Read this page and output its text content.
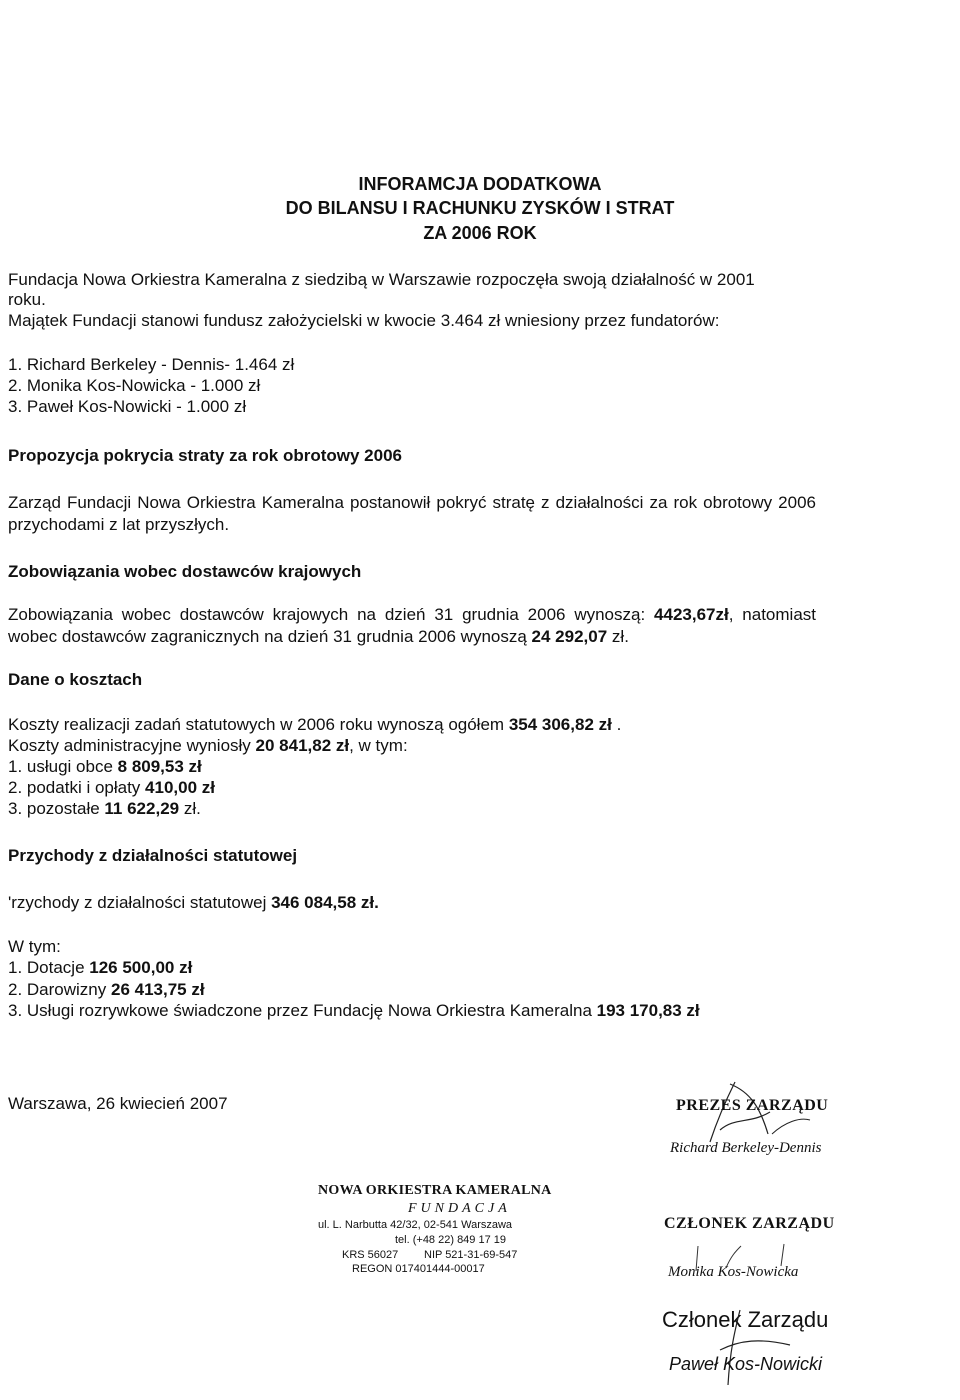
INFORAMCJA DODATKOWA
DO BILANSU I RACHUNKU ZYSKÓW I STRAT
ZA 2006 ROK
Fundacja Nowa Orkiestra Kameralna z siedzibą w Warszawie rozpoczęła swoją działalność w 2001
roku.
Majątek Fundacji stanowi fundusz założycielski w kwocie 3.464 zł wniesiony przez fundatorów:
1. Richard Berkeley - Dennis- 1.464 zł
2. Monika Kos-Nowicka - 1.000 zł
3. Paweł Kos-Nowicki - 1.000 zł
Propozycja pokrycia straty za rok obrotowy 2006
Zarząd Fundacji Nowa Orkiestra Kameralna postanowił pokryć stratę z działalności za rok obrotowy 2006 przychodami z lat przyszłych.
Zobowiązania wobec dostawców krajowych
Zobowiązania wobec dostawców krajowych na dzień 31 grudnia 2006 wynoszą: 4423,67zł, natomiast wobec dostawców zagranicznych na dzień 31 grudnia 2006 wynoszą 24 292,07 zł.
Dane o kosztach
Koszty realizacji zadań statutowych w 2006 roku wynoszą ogółem 354 306,82 zł .
Koszty administracyjne wyniosły 20 841,82 zł, w tym:
1. usługi obce 8 809,53 zł
2. podatki i opłaty 410,00 zł
3. pozostałe 11 622,29 zł.
Przychody z działalności statutowej
'rzychody z działalności statutowej 346 084,58 zł.
W tym:
1. Dotacje 126 500,00 zł
2. Darowizny 26 413,75 zł
3. Usługi rozrywkowe świadczone przez Fundację Nowa Orkiestra Kameralna 193 170,83 zł
Warszawa, 26 kwiecień 2007
NOWA ORKIESTRA KAMERALNA
FUNDACJA
ul. L. Narbutta 42/32, 02-541 Warszawa
tel. (+48 22) 849 17 19
KRS 56027 NIP 521-31-69-547
REGON 017401444-00017
PREZES ZARZĄDU
Richard Berkeley-Dennis
CZŁONEK ZARZĄDU
Monika Kos-Nowicka
Członek Zarządu
Paweł Kos-Nowicki
